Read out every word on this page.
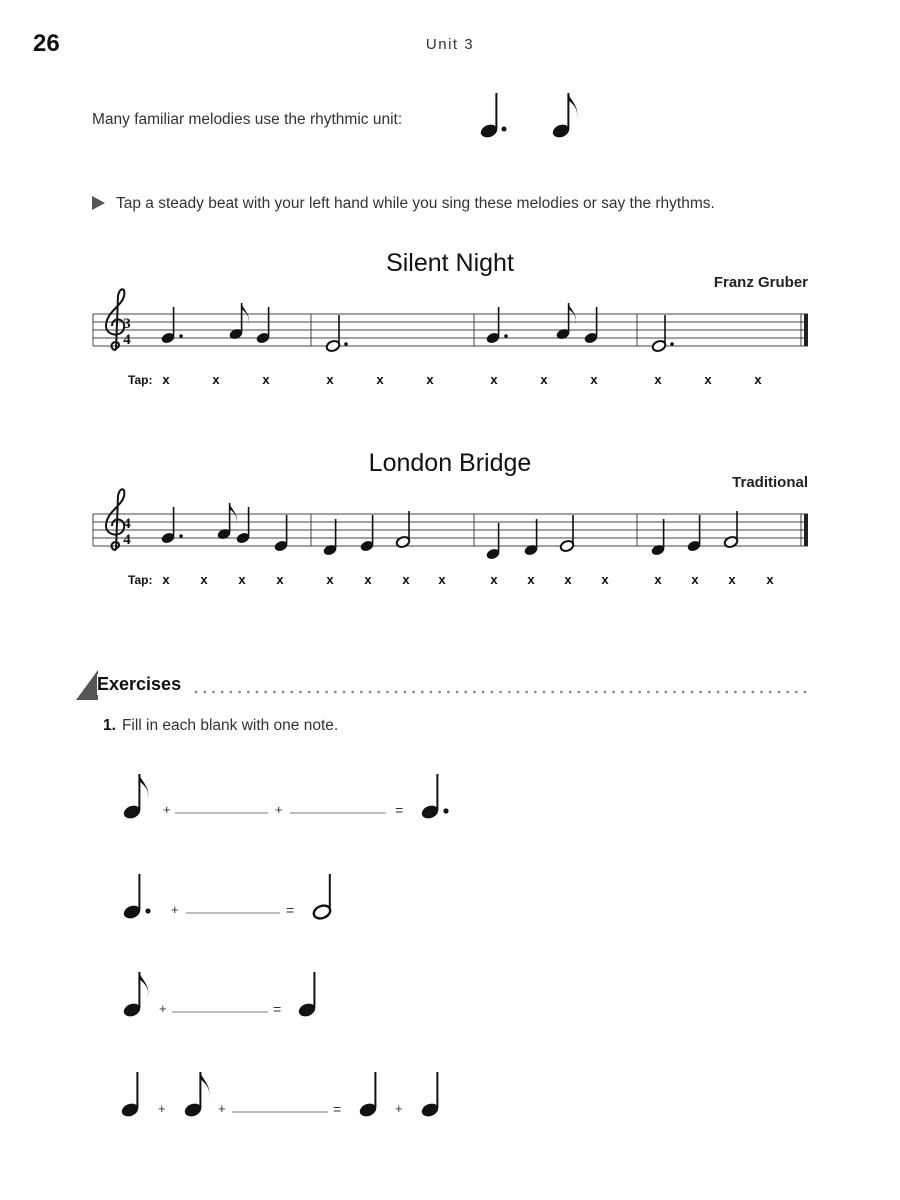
26	Unit 3
Many familiar melodies use the rhythmic unit:
Tap a steady beat with your left hand while you sing these melodies or say the rhythms.
Silent Night
Franz Gruber
London Bridge
Traditional
Exercises
1. Fill in each blank with one note.
3
4
Tap: x	x	x	x	x	x	x	x	x	x	x	x
4
4
Tap: x x x x	x x x x	x x x x	x x x x
+	+	=
+	=
+	=
+	+	=	+
